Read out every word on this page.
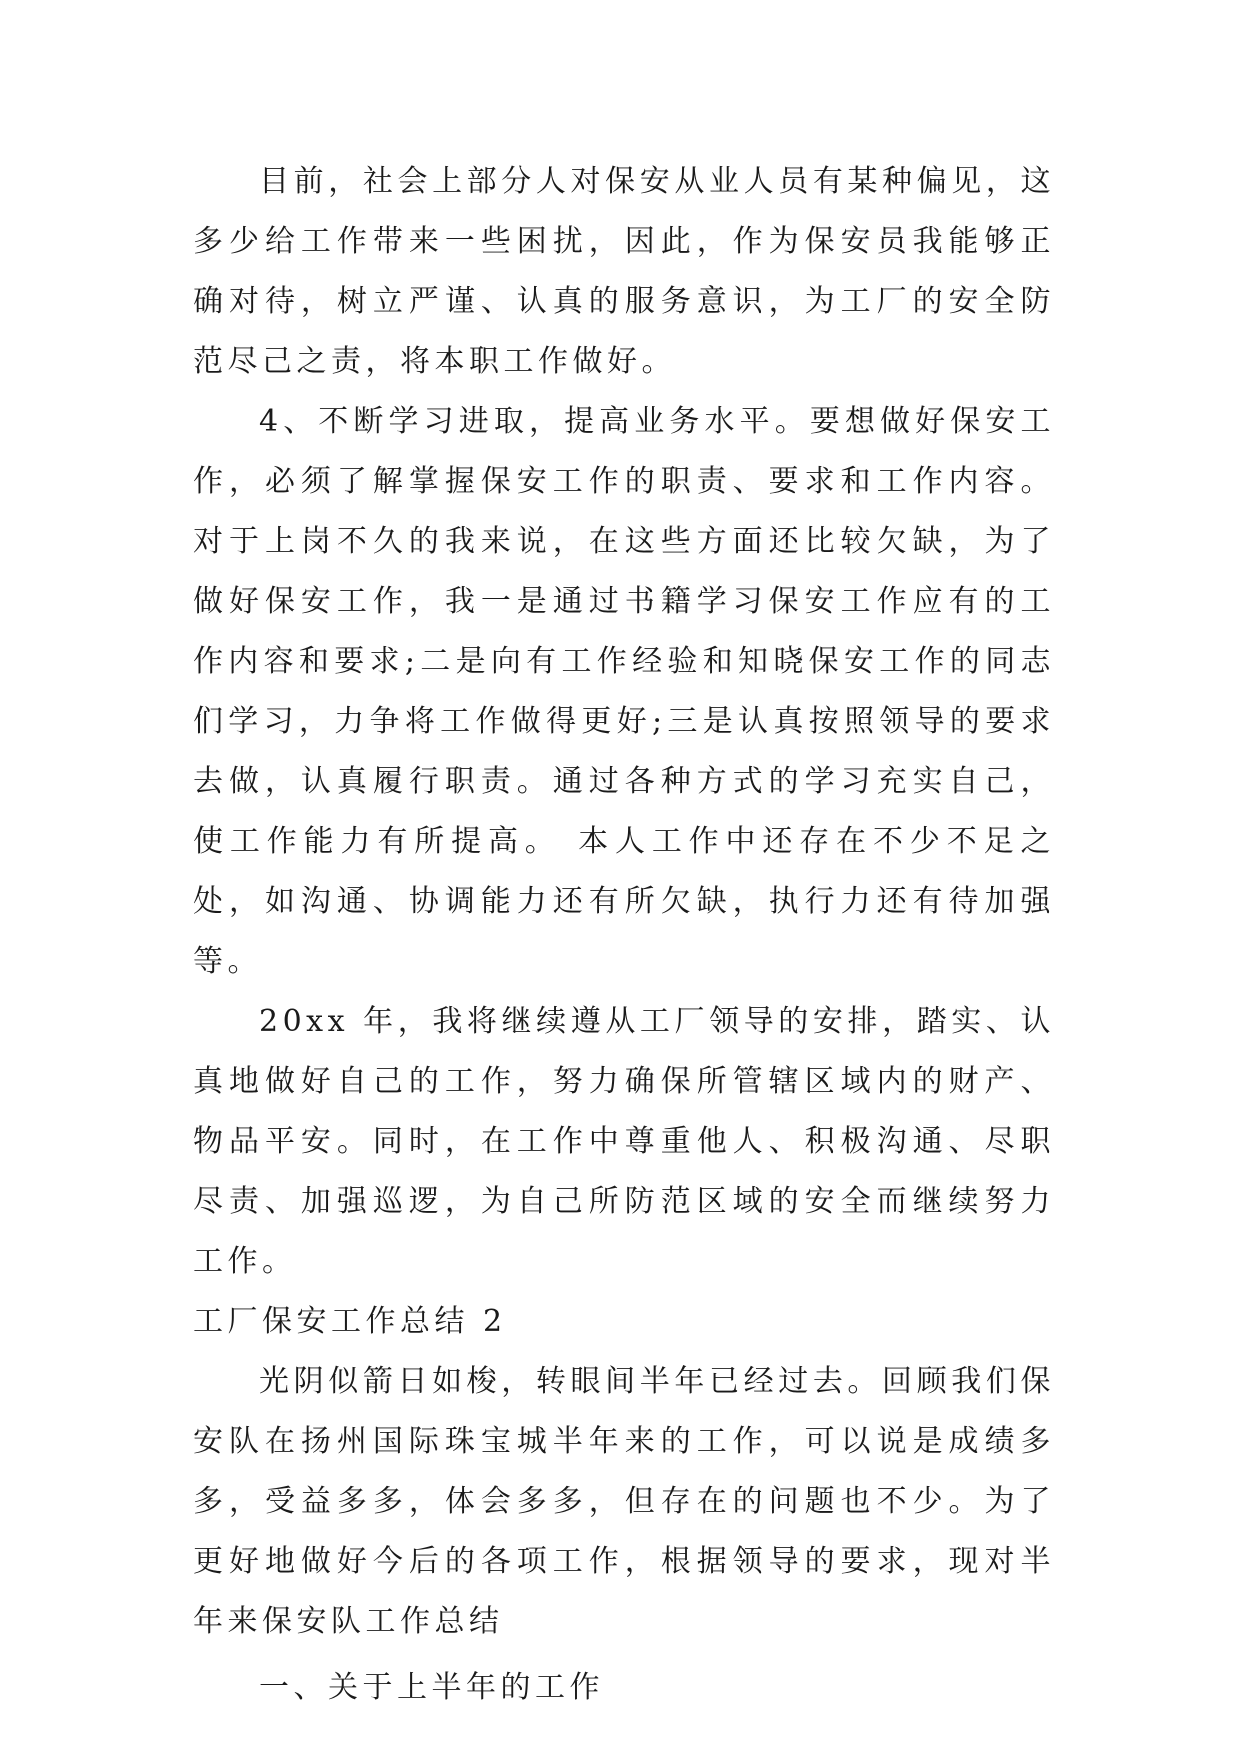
目前，社会上部分人对保安从业人员有某种偏见，这多少给工作带来一些困扰，因此，作为保安员我能够正确对待，树立严谨、认真的服务意识，为工厂的安全防范尽己之责，将本职工作做好。

4、不断学习进取，提高业务水平。要想做好保安工作，必须了解掌握保安工作的职责、要求和工作内容。对于上岗不久的我来说，在这些方面还比较欠缺，为了做好保安工作，我一是通过书籍学习保安工作应有的工作内容和要求;二是向有工作经验和知晓保安工作的同志们学习，力争将工作做得更好;三是认真按照领导的要求去做，认真履行职责。通过各种方式的学习充实自己，使工作能力有所提高。 本人工作中还存在不少不足之处，如沟通、协调能力还有所欠缺，执行力还有待加强等。

20xx 年，我将继续遵从工厂领导的安排，踏实、认真地做好自己的工作，努力确保所管辖区域内的财产、物品平安。同时，在工作中尊重他人、积极沟通、尽职尽责、加强巡逻，为自己所防范区域的安全而继续努力工作。

工厂保安工作总结 2

光阴似箭日如梭，转眼间半年已经过去。回顾我们保安队在扬州国际珠宝城半年来的工作，可以说是成绩多多，受益多多，体会多多，但存在的问题也不少。为了更好地做好今后的各项工作，根据领导的要求，现对半年来保安队工作总结

一、关于上半年的工作
